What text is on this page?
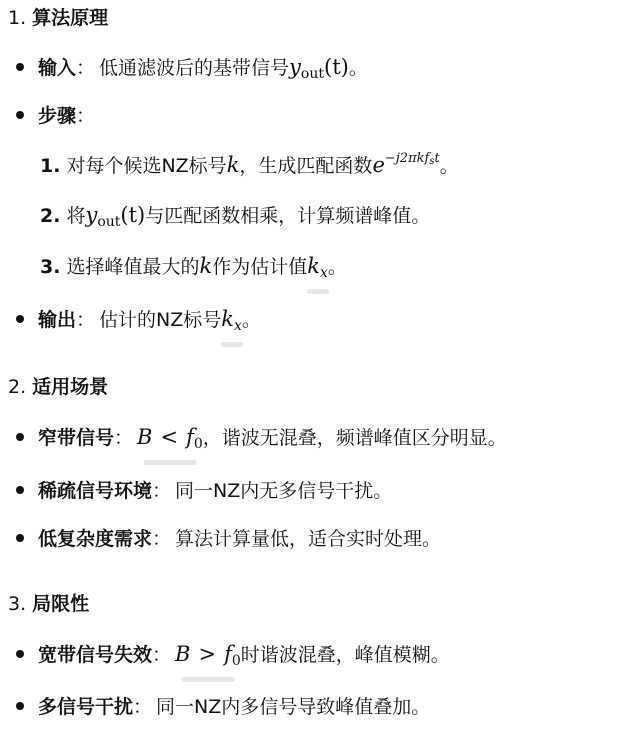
1. 算法原理
输入： 低通滤波后的基带信号$y_{out}(t)$。
步骤：
1. 对每个候选NZ标号k，生成匹配函数$e^{-j2\pi kf_st}$。
2. 将$y_{out}(t)$与匹配函数相乘，计算频谱峰值。
3. 选择峰值最大的k作为估计值$k_x$。
输出： 估计的NZ标号$k_x$。
2. 适用场景
窄带信号： $B < f_0$，谐波无混叠，频谱峰值区分明显。
稀疏信号环境： 同一NZ内无多信号干扰。
低复杂度需求： 算法计算量低，适合实时处理。
3. 局限性
宽带信号失效： $B > f_0$时谐波混叠，峰值模糊。
多信号干扰： 同一NZ内多信号导致峰值叠加。
